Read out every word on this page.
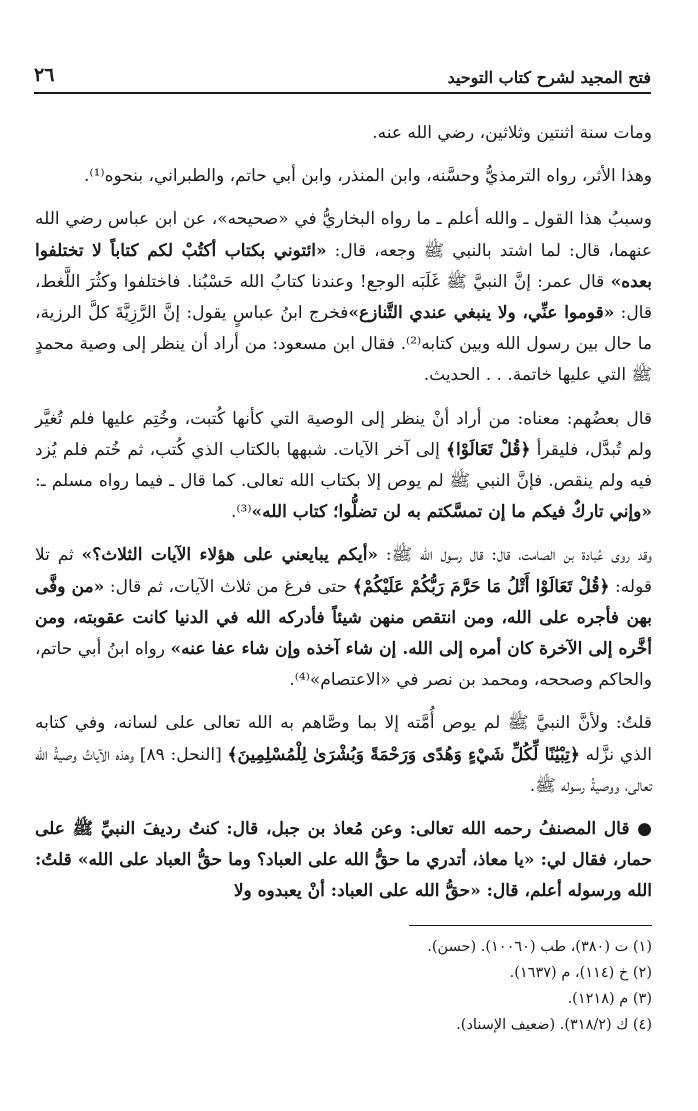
فتح المجيد لشرح كتاب التوحيد
٢٦

ومات سنة اثنتين وثلاثين، رضي الله عنه.

وهذا الأثر، رواه الترمذيُّ وحسَّنه، وابن المنذر، وابن أبي حاتم، والطبراني، بنحوه⁽¹⁾.

وسببُ هذا القول ـ والله أعلم ـ ما رواه البخاريُّ في «صحيحه»، عن ابن عباس رضي الله عنهما، قال: لما اشتد بالنبي ﷺ وجعه، قال: «ائتوني بكتاب أكتُبْ لكم كتاباً لا تختلفوا بعده» قال عمر: إنَّ النبيَّ ﷺ غَلَبَه الوجع! وعندنا كتابُ الله حَسْبُنا. فاختلفوا وكثُرَ اللَّغط، قال: «قوموا عنِّي، ولا ينبغي عندي التَّنازع»فخرج ابنُ عباسٍ يقول: إنَّ الرَّزِيَّةَ كلَّ الرزية، ما حال بين رسول الله وبين كتابه⁽²⁾. فقال ابن مسعود: من أراد أن ينظر إلى وصية محمدٍ ﷺ التي عليها خاتمة. . . الحديث.

قال بعضُهم: معناه: من أراد أنْ ينظر إلى الوصية التي كأنها كُتبت، وخُتِم عليها فلم تُغيَّر ولم تُبدَّل، فليقرأ ﴿قُلْ تَعَالَوْا﴾ إلى آخر الآيات. شبهها بالكتاب الذي كُتب، ثم خُتم فلم يُزد فيه ولم ينقص. فإنَّ النبي ﷺ لم يوص إلا بكتاب الله تعالى. كما قال ـ فيما رواه مسلم ـ: «وإني تاركٌ فيكم ما إن تمسَّكتم به لن تضلُّوا؛ كتاب الله»⁽³⁾.

وقد روى عُبادة بن الصامت، قال: قال رسول الله ﷺ: «أيكم يبايعني على هؤلاء الآيات الثلاث؟» ثم تلا قوله: ﴿قُلْ تَعَالَوْا أَتْلُ مَا حَرَّمَ رَبُّكُمْ عَلَيْكُمْ﴾ حتى فرغ من ثلاث الآيات، ثم قال: «من وفَّى بهن فأجره على الله، ومن انتقص منهن شيئاً فأدركه الله في الدنيا كانت عقوبته، ومن أخَّره إلى الآخرة كان أمره إلى الله. إن شاء آخذه وإن شاء عفا عنه» رواه ابنُ أبي حاتم، والحاكم وصححه، ومحمد بن نصر في «الاعتصام»⁽⁴⁾.

قلتُ: ولأنَّ النبيَّ ﷺ لم يوص أُمَّته إلا بما وصَّاهم به الله تعالى على لسانه، وفي كتابه الذي نزَّله ﴿تِبْيَٰنًا لِّكُلِّ شَيْءٍ وَهُدًى وَرَحْمَةً وَبُشْرَىٰ لِلْمُسْلِمِينَ﴾ [النحل: ٨٩] وهذه الآياتُ وصيةُ الله تعالى، ووصيةُ رسوله ﷺ.

● قال المصنفُ رحمه الله تعالى: وعن مُعاذ بن جبل، قال: كنتُ رديفَ النبيِّ ﷺ على حمار، فقال لي: «يا معاذ، أتدري ما حقُّ الله على العباد؟ وما حقُّ العباد على الله» قلتُ: الله ورسوله أعلم، قال: «حقُّ الله على العباد: أنْ يعبدوه ولا

(١) ت (٣٨٠)، طب (١٠٠٦٠). (حسن).
(٢) خ (١١٤)، م (١٦٣٧).
(٣) م (١٢١٨).
(٤) ك (٣١٨/٢). (ضعيف الإسناد).
